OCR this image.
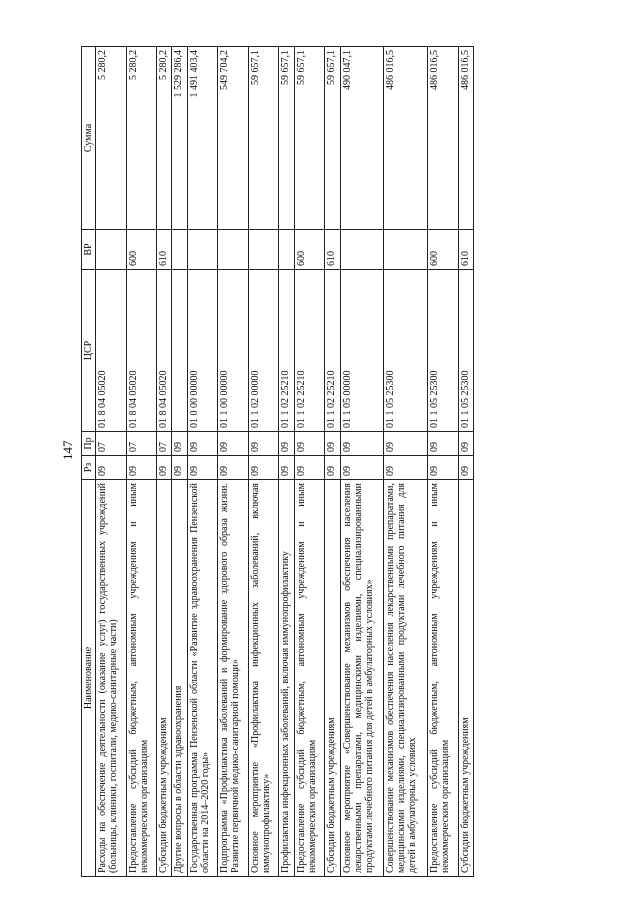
147
Наименование	Рз	Пр	ЦСР	ВР	Сумма
Расходы на обеспечение деятельности (оказание услуг) государственных учреждений (больницы, клиники, госпитали, медико-санитарные части)	09	07	01 8 04 05020		5 280,2
Предоставление субсидий бюджетным, автономным учреждениям и иным некоммерческим организациям	09	07	01 8 04 05020	600	5 280,2
Субсидии бюджетным учреждениям	09	07	01 8 04 05020	610	5 280,2
Другие вопросы в области здравоохранения	09	09			1 529 286,4
Государственная программа Пензенской области «Развитие здравоохранения Пензенской области на 2014–2020 годы»	09	09	01 0 00 00000		1 491 403,4
Подпрограмма «Профилактика заболеваний и формирование здорового образа жизни. Развитие первичной медико-санитарной помощи»	09	09	01 1 00 00000		549 704,2
Основное мероприятие «Профилактика инфекционных заболеваний, включая иммунопрофилактику»	09	09	01 1 02 00000		59 657,1
Профилактика инфекционных заболеваний, включая иммунопрофилактику	09	09	01 1 02 25210		59 657,1
Предоставление субсидий бюджетным, автономным учреждениям и иным некоммерческим организациям	09	09	01 1 02 25210	600	59 657,1
Субсидии бюджетным учреждениям	09	09	01 1 02 25210	610	59 657,1
Основное мероприятие «Совершенствование механизмов обеспечения населения лекарственными препаратами, медицинскими изделиями, специализированными продуктами лечебного питания для детей в амбулаторных условиях»	09	09	01 1 05 00000		490 047,1
Совершенствование механизмов обеспечения населения лекарственными препаратами, медицинскими изделиями, специализированными продуктами лечебного питания для детей в амбулаторных условиях	09	09	01 1 05 25300		486 016,5
Предоставление субсидий бюджетным, автономным учреждениям и иным некоммерческим организациям	09	09	01 1 05 25300	600	486 016,5
Субсидии бюджетным учреждениям	09	09	01 1 05 25300	610	486 016,5
